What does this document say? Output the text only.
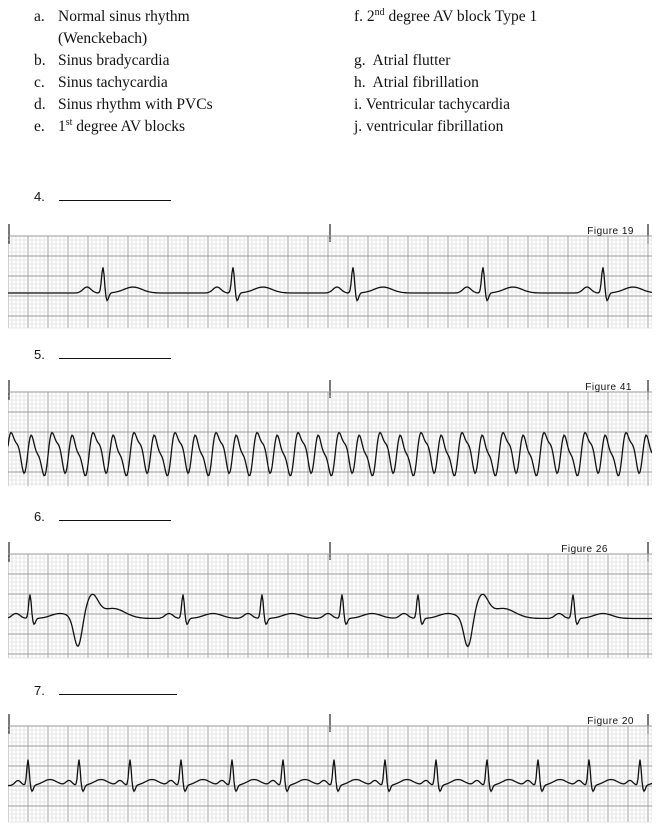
a. Normal sinus rhythm
(Wenckebach)
b. Sinus bradycardia
c. Sinus tachycardia
d. Sinus rhythm with PVCs
e. 1st degree AV blocks
f. 2nd degree AV block Type 1
g. Atrial flutter
h. Atrial fibrillation
i. Ventricular tachycardia
j. ventricular fibrillation
4.
Figure 19
5.
Figure 41
6.
Figure 26
7.
Figure 20
